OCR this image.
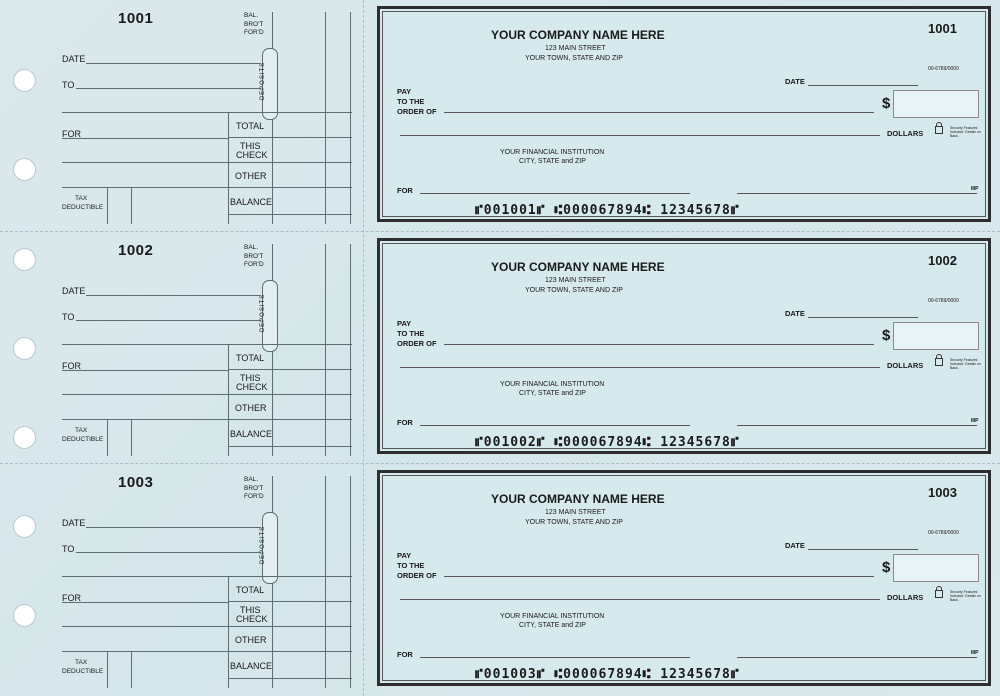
1001	BAL.
BRO'T
FOR'D
DEPOSITS
DATE
TO
FOR
TOTAL
THIS
CHECK
OTHER
BALANCE
TAX
DEDUCTIBLE
YOUR COMPANY NAME HERE
123 MAIN STREET
YOUR TOWN, STATE AND ZIP
1001
00-6789/0000
DATE
PAY
TO THE
ORDER OF	$
DOLLARS
Security Features Included. Details on Back.
YOUR FINANCIAL INSTITUTION
CITY, STATE and ZIP
FOR	MP
⑈001001⑈ ⑆000067894⑆ 12345678⑈
1002	BAL.
BRO'T
FOR'D
DEPOSITS
DATE
TO
FOR
TOTAL
THIS
CHECK
OTHER
BALANCE
TAX
DEDUCTIBLE
YOUR COMPANY NAME HERE
123 MAIN STREET
YOUR TOWN, STATE AND ZIP
1002
00-6789/0000
DATE
PAY
TO THE
ORDER OF	$
DOLLARS
Security Features Included. Details on Back.
YOUR FINANCIAL INSTITUTION
CITY, STATE and ZIP
FOR	MP
⑈001002⑈ ⑆000067894⑆ 12345678⑈
1003	BAL.
BRO'T
FOR'D
DEPOSITS
DATE
TO
FOR
TOTAL
THIS
CHECK
OTHER
BALANCE
TAX
DEDUCTIBLE
YOUR COMPANY NAME HERE
123 MAIN STREET
YOUR TOWN, STATE AND ZIP
1003
00-6789/0000
DATE
PAY
TO THE
ORDER OF	$
DOLLARS
Security Features Included. Details on Back.
YOUR FINANCIAL INSTITUTION
CITY, STATE and ZIP
FOR	MP
⑈001003⑈ ⑆000067894⑆ 12345678⑈
